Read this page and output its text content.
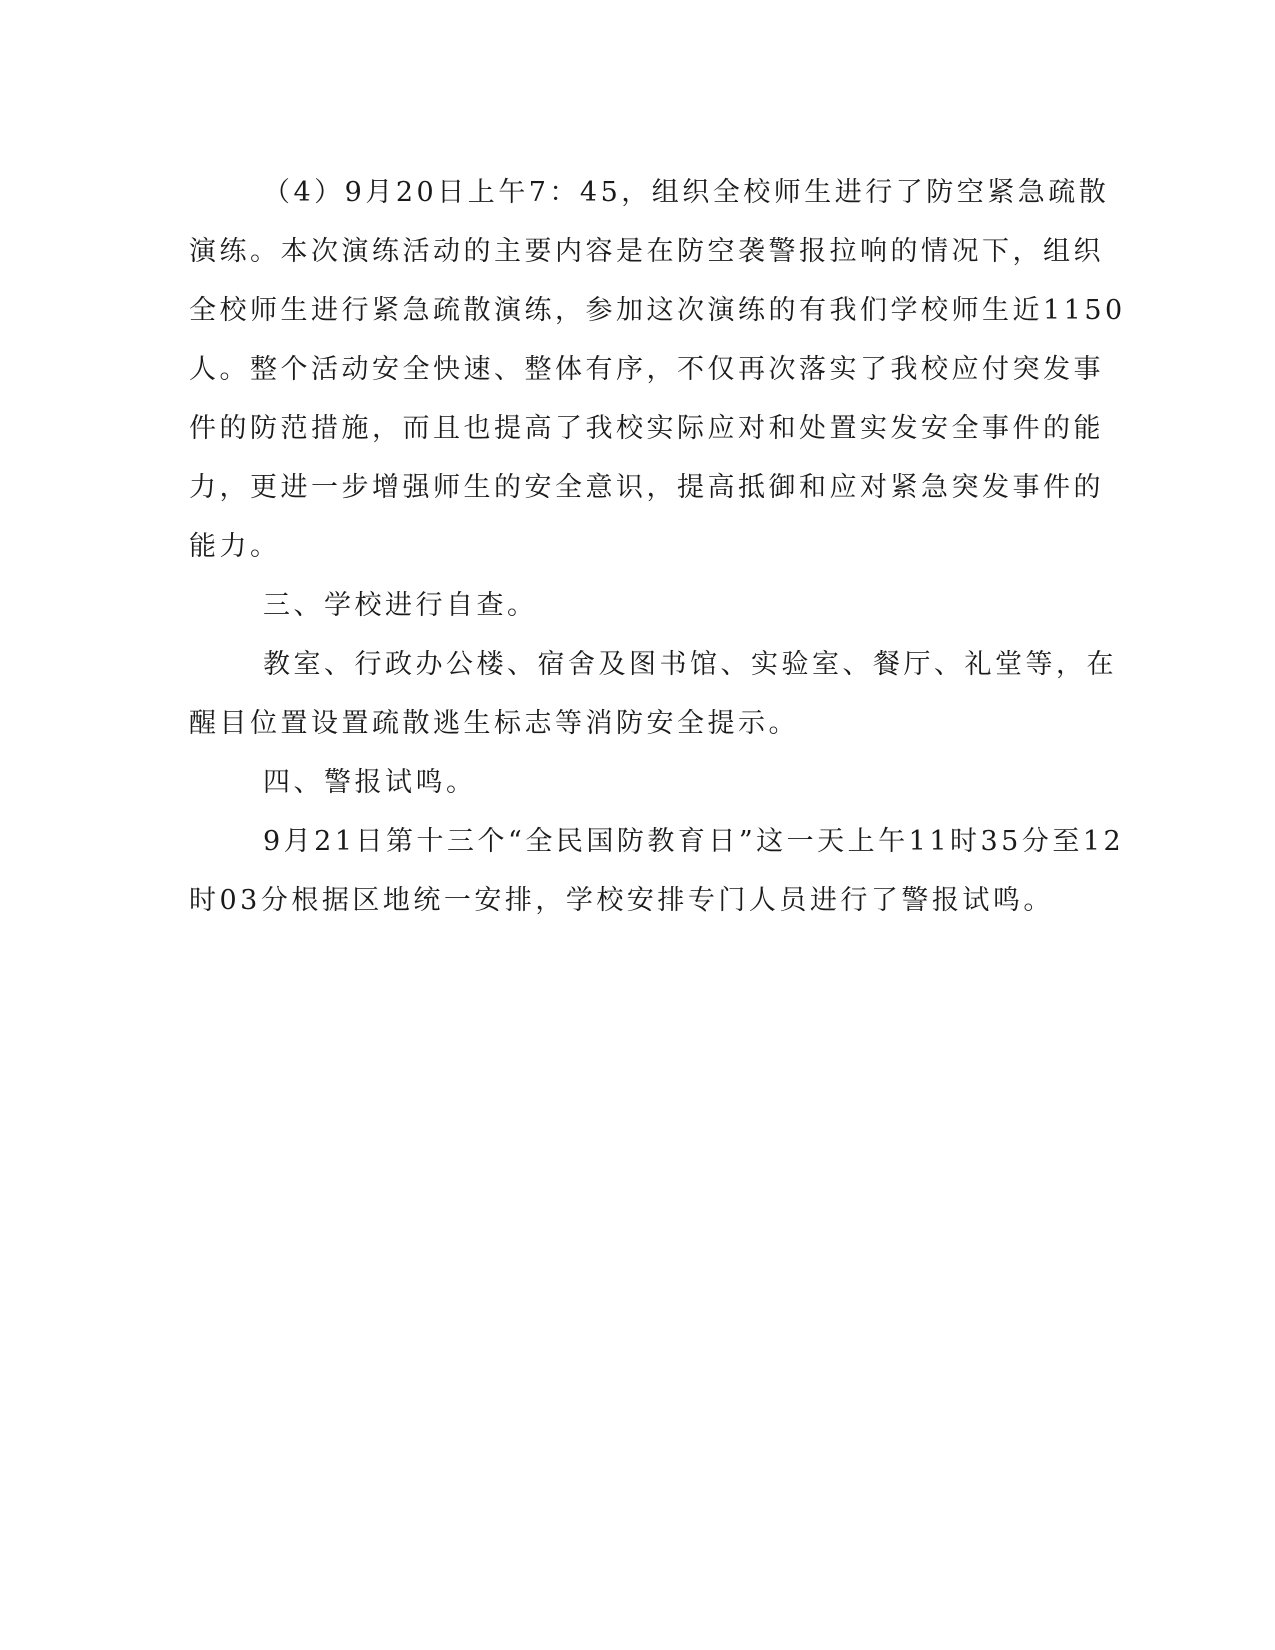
（4）9月20日上午7：45，组织全校师生进行了防空紧急疏散
演练。本次演练活动的主要内容是在防空袭警报拉响的情况下，组织
全校师生进行紧急疏散演练，参加这次演练的有我们学校师生近1150
人。整个活动安全快速、整体有序，不仅再次落实了我校应付突发事
件的防范措施，而且也提高了我校实际应对和处置实发安全事件的能
力，更进一步增强师生的安全意识，提高抵御和应对紧急突发事件的
能力。
三、学校进行自查。
教室、行政办公楼、宿舍及图书馆、实验室、餐厅、礼堂等，在
醒目位置设置疏散逃生标志等消防安全提示。
四、警报试鸣。
9月21日第十三个“全民国防教育日”这一天上午11时35分至12
时03分根据区地统一安排，学校安排专门人员进行了警报试鸣。
